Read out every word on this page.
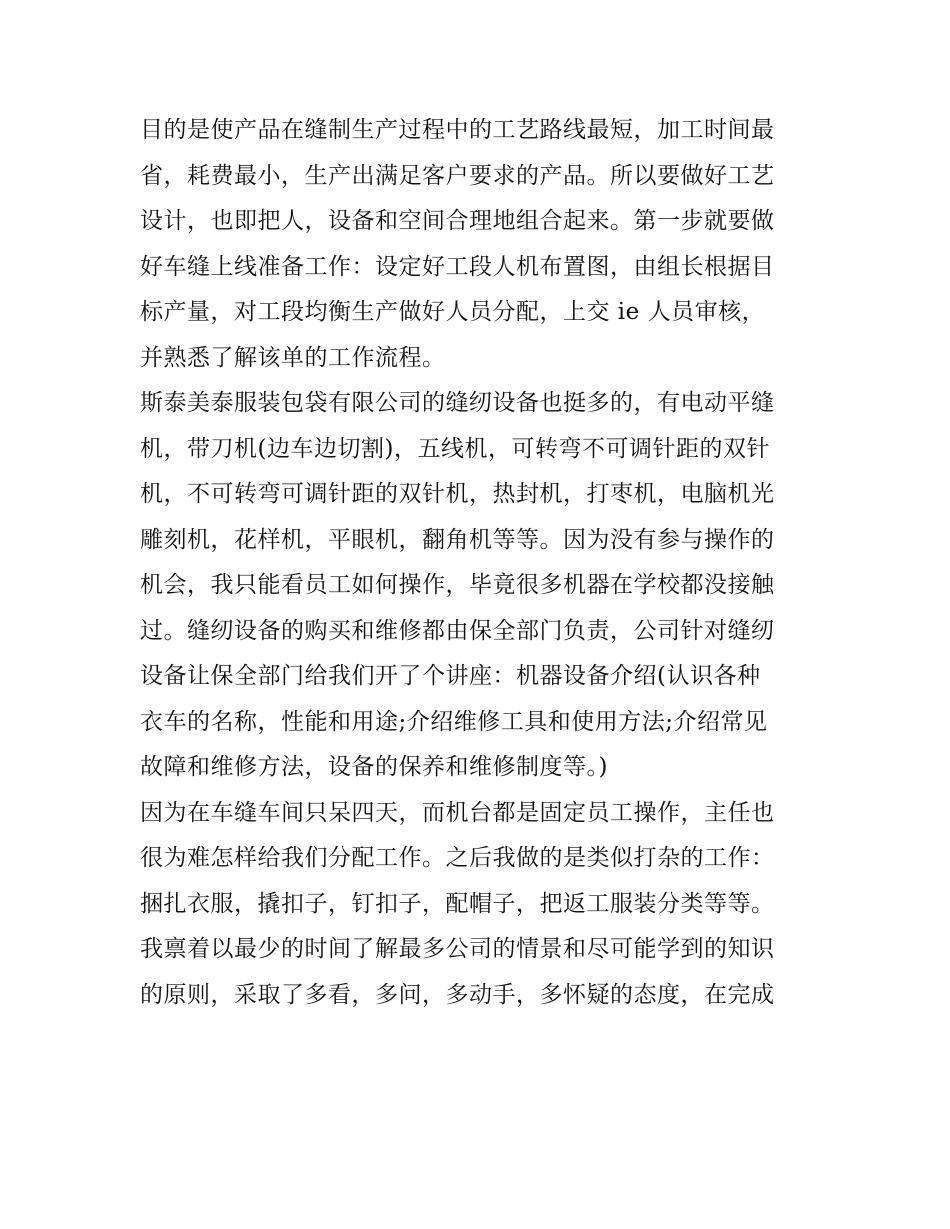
目的是使产品在缝制生产过程中的工艺路线最短，加工时间最
省，耗费最小，生产出满足客户要求的产品。所以要做好工艺
设计，也即把人，设备和空间合理地组合起来。第一步就要做
好车缝上线准备工作：设定好工段人机布置图，由组长根据目
标产量，对工段均衡生产做好人员分配，上交 ie 人员审核，
并熟悉了解该单的工作流程。
斯泰美泰服装包袋有限公司的缝纫设备也挺多的，有电动平缝
机，带刀机(边车边切割)，五线机，可转弯不可调针距的双针
机，不可转弯可调针距的双针机，热封机，打枣机，电脑机光
雕刻机，花样机，平眼机，翻角机等等。因为没有参与操作的
机会，我只能看员工如何操作，毕竟很多机器在学校都没接触
过。缝纫设备的购买和维修都由保全部门负责，公司针对缝纫
设备让保全部门给我们开了个讲座：机器设备介绍(认识各种
衣车的名称，性能和用途;介绍维修工具和使用方法;介绍常见
故障和维修方法，设备的保养和维修制度等。)
因为在车缝车间只呆四天，而机台都是固定员工操作，主任也
很为难怎样给我们分配工作。之后我做的是类似打杂的工作：
捆扎衣服，撬扣子，钉扣子，配帽子，把返工服装分类等等。
我禀着以最少的时间了解最多公司的情景和尽可能学到的知识
的原则，采取了多看，多问，多动手，多怀疑的态度，在完成
